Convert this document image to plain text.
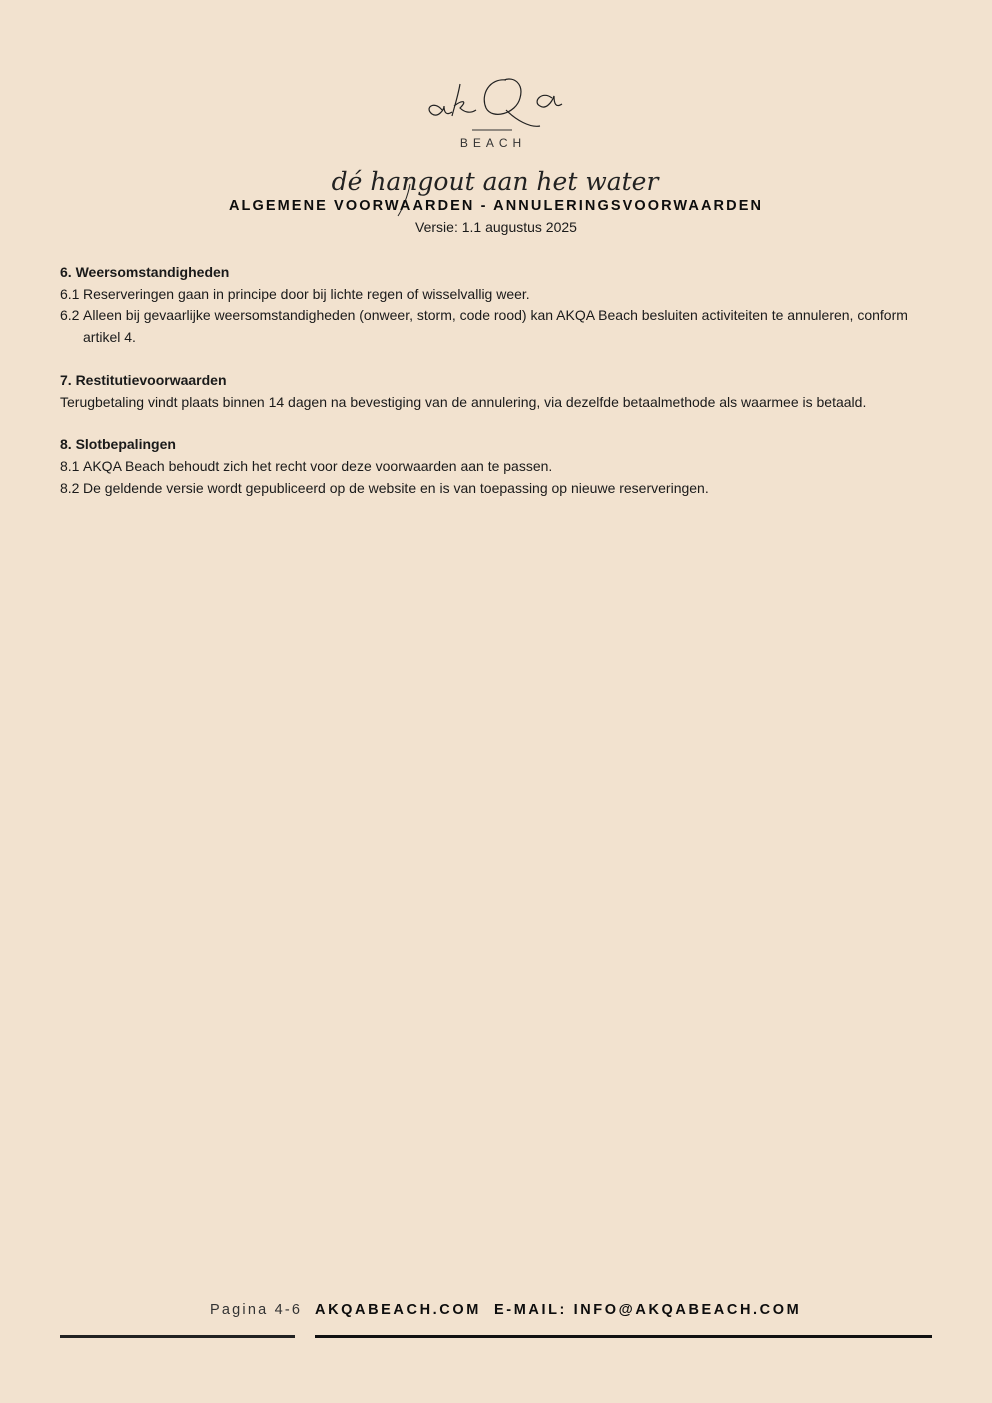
BEACH
dé hangout aan het water
ALGEMENE VOORWAARDEN - ANNULERINGSVOORWAARDEN
Versie: 1.1 augustus 2025

6. Weersomstandigheden

6.1 Reserveringen gaan in principe door bij lichte regen of wisselvallig weer.
6.2 Alleen bij gevaarlijke weersomstandigheden (onweer, storm, code rood) kan AKQA Beach besluiten activiteiten te annuleren, conform artikel 4.

7. Restitutievoorwaarden

Terugbetaling vindt plaats binnen 14 dagen na bevestiging van de annulering, via dezelfde betaalmethode als waarmee is betaald.

8. Slotbepalingen

8.1 AKQA Beach behoudt zich het recht voor deze voorwaarden aan te passen.
8.2 De geldende versie wordt gepubliceerd op de website en is van toepassing op nieuwe reserveringen.
Pagina 4-6 AKQABEACH.COM E-MAIL: INFO@AKQABEACH.COM
